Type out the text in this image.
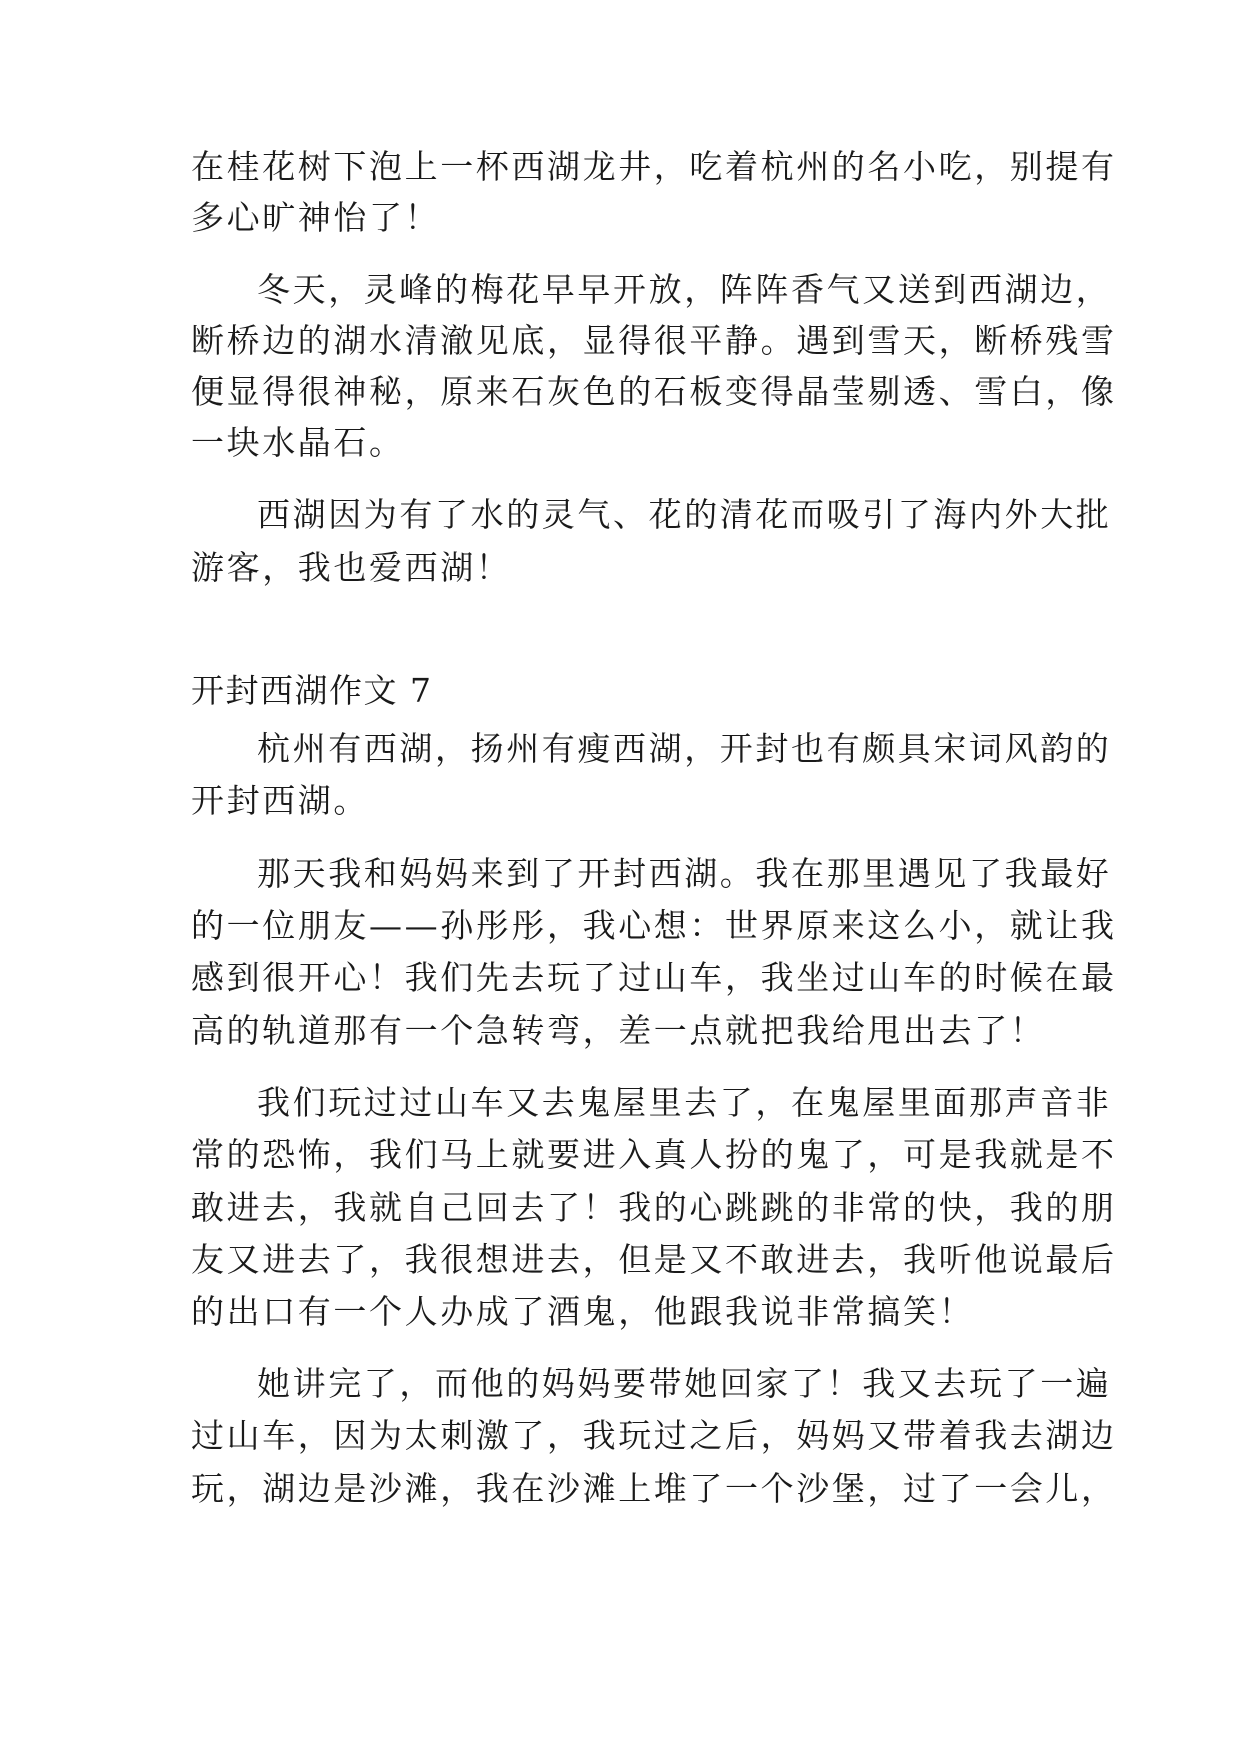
在桂花树下泡上一杯西湖龙井，吃着杭州的名小吃，别提有
多心旷神怡了！
冬天，灵峰的梅花早早开放，阵阵香气又送到西湖边，
断桥边的湖水清澈见底，显得很平静。遇到雪天，断桥残雪
便显得很神秘，原来石灰色的石板变得晶莹剔透、雪白，像
一块水晶石。
西湖因为有了水的灵气、花的清花而吸引了海内外大批
游客，我也爱西湖！
开封西湖作文 7
杭州有西湖，扬州有瘦西湖，开封也有颇具宋词风韵的
开封西湖。
那天我和妈妈来到了开封西湖。我在那里遇见了我最好
的一位朋友——孙彤彤，我心想：世界原来这么小，就让我
感到很开心！我们先去玩了过山车，我坐过山车的时候在最
高的轨道那有一个急转弯，差一点就把我给甩出去了！
我们玩过过山车又去鬼屋里去了，在鬼屋里面那声音非
常的恐怖，我们马上就要进入真人扮的鬼了，可是我就是不
敢进去，我就自己回去了！我的心跳跳的非常的快，我的朋
友又进去了，我很想进去，但是又不敢进去，我听他说最后
的出口有一个人办成了酒鬼，他跟我说非常搞笑！
她讲完了，而他的妈妈要带她回家了！我又去玩了一遍
过山车，因为太刺激了，我玩过之后，妈妈又带着我去湖边
玩，湖边是沙滩，我在沙滩上堆了一个沙堡，过了一会儿，
